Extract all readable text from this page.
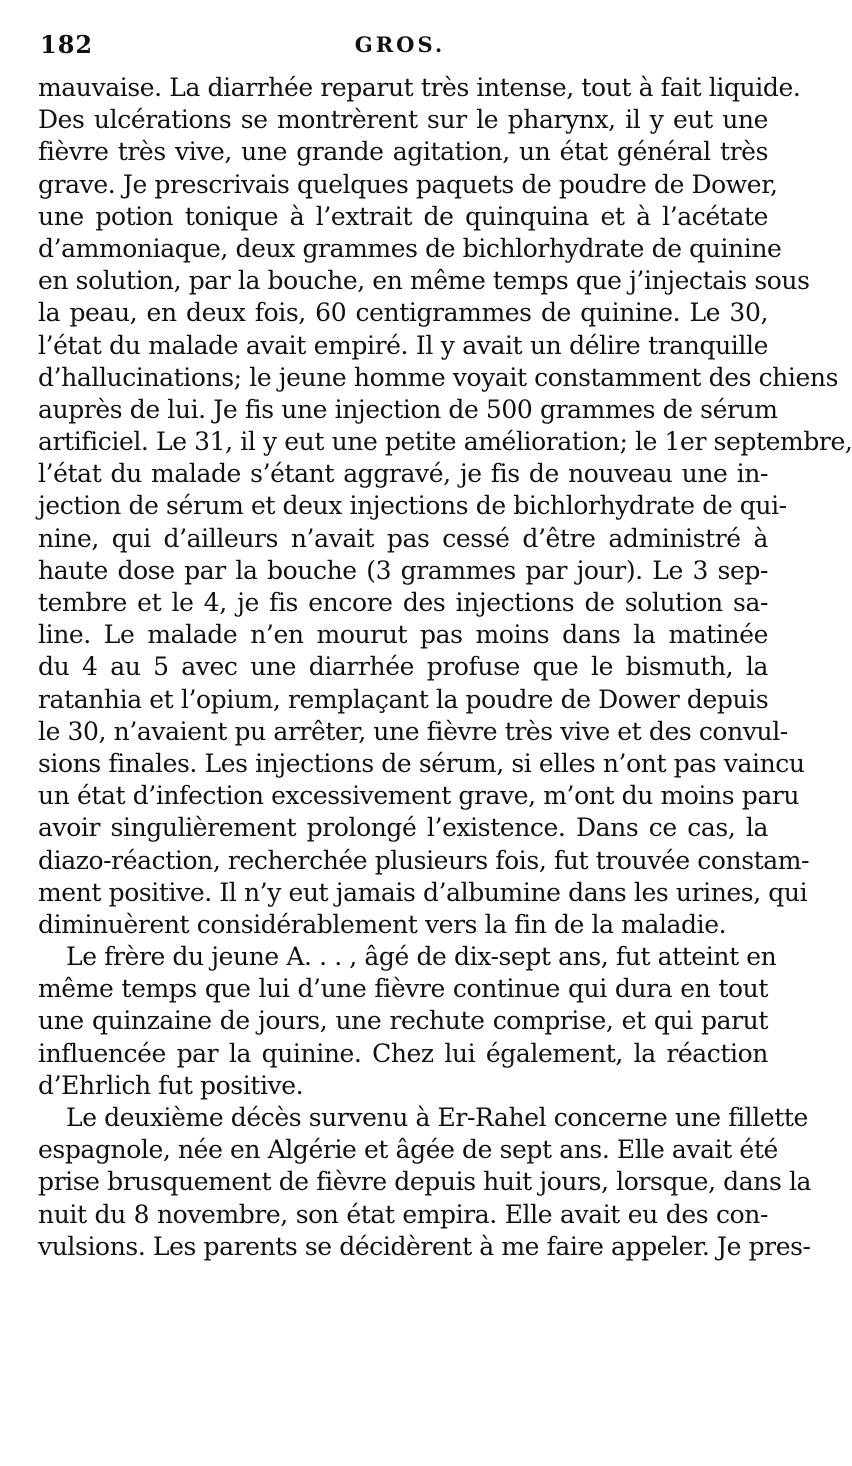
182	GROS.
mauvaise. La diarrhée reparut très intense, tout à fait liquide.
Des ulcérations se montrèrent sur le pharynx, il y eut une
fièvre très vive, une grande agitation, un état général très
grave. Je prescrivais quelques paquets de poudre de Dower,
une potion tonique à l’extrait de quinquina et à l’acétate
d’ammoniaque, deux grammes de bichlorhydrate de quinine
en solution, par la bouche, en même temps que j’injectais sous
la peau, en deux fois, 60 centigrammes de quinine. Le 30,
l’état du malade avait empiré. Il y avait un délire tranquille
d’hallucinations; le jeune homme voyait constamment des chiens
auprès de lui. Je fis une injection de 500 grammes de sérum
artificiel. Le 31, il y eut une petite amélioration; le 1er septembre,
l’état du malade s’étant aggravé, je fis de nouveau une in-
jection de sérum et deux injections de bichlorhydrate de qui-
nine, qui d’ailleurs n’avait pas cessé d’être administré à
haute dose par la bouche (3 grammes par jour). Le 3 sep-
tembre et le 4, je fis encore des injections de solution sa-
line. Le malade n’en mourut pas moins dans la matinée
du 4 au 5 avec une diarrhée profuse que le bismuth, la
ratanhia et l’opium, remplaçant la poudre de Dower depuis
le 30, n’avaient pu arrêter, une fièvre très vive et des convul-
sions finales. Les injections de sérum, si elles n’ont pas vaincu
un état d’infection excessivement grave, m’ont du moins paru
avoir singulièrement prolongé l’existence. Dans ce cas, la
diazo-réaction, recherchée plusieurs fois, fut trouvée constam-
ment positive. Il n’y eut jamais d’albumine dans les urines, qui
diminuèrent considérablement vers la fin de la maladie.
Le frère du jeune A. . . , âgé de dix-sept ans, fut atteint en
même temps que lui d’une fièvre continue qui dura en tout
une quinzaine de jours, une rechute comprise, et qui parut
influencée par la quinine. Chez lui également, la réaction
d’Ehrlich fut positive.
Le deuxième décès survenu à Er-Rahel concerne une fillette
espagnole, née en Algérie et âgée de sept ans. Elle avait été
prise brusquement de fièvre depuis huit jours, lorsque, dans la
nuit du 8 novembre, son état empira. Elle avait eu des con-
vulsions. Les parents se décidèrent à me faire appeler. Je pres-
